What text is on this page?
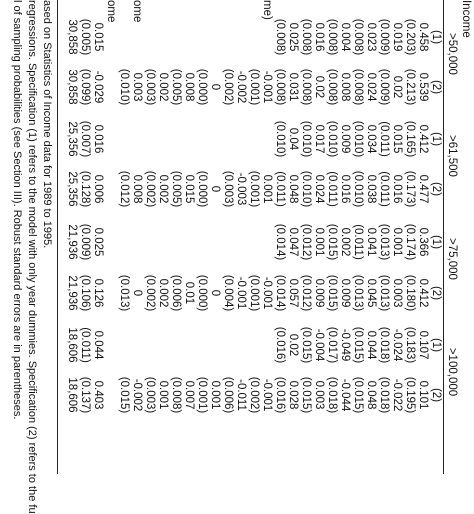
Income
>50,000
>61,500
>75,000
>100,000
(1)
(2)
(1)
(2)
(1)
(2)
(1)
(2)
0.458
0.539
0.412
0.477
0.366
0.412
0.107
0.101
(0.203)
(0.213)
(0.165)
(0.173)
(0.174)
(0.180)
(0.183)
(0.195)
0.019
0.02
0.015
0.016
0.001
0.003
-0.024
-0.022
(0.009)
(0.009)
(0.011)
(0.011)
(0.013)
(0.013)
(0.018)
(0.018)
0.023
0.024
0.034
0.038
0.041
0.045
0.044
0.048
(0.008)
(0.008)
(0.010)
(0.010)
(0.011)
(0.013)
(0.015)
(0.015)
0.004
0.008
0.009
0.016
0.002
0.009
-0.049
-0.044
(0.008)
(0.008)
(0.010)
(0.011)
(0.015)
(0.015)
(0.017)
(0.018)
0.016
0.02
0.017
0.024
0.001
0.009
-0.004
0.003
(0.008)
(0.008)
(0.010)
(0.010)
(0.012)
(0.012)
(0.015)
(0.015)
0.025
0.031
0.04
0.048
0.047
0.057
0.02
0.028
(0.008)
(0.008)
(0.010)
(0.011)
(0.014)
(0.014)
(0.016)
(0.016)
me)
-0.001
0.001
-0.001
-0.001
(0.001)
(0.001)
(0.001)
(0.002)
-0.002
-0.003
-0.001
-0.011
(0.002)
(0.003)
(0.004)
(0.006)
0
0
0
0.001
(0.000)
(0.000)
(0.000)
(0.001)
0.008
0.015
0.01
0.007
(0.005)
(0.005)
(0.006)
(0.008)
0.002
0.002
0.002
0.001
(0.003)
(0.002)
(0.002)
(0.003)
ome
0.003
0.008
0
-0.002
(0.010)
(0.012)
(0.013)
(0.015)
ome
0.015
-0.029
0.016
0.006
0.025
0.126
0.044
0.403
(0.005)
(0.099)
(0.007)
(0.128)
(0.009)
(0.106)
(0.011)
(0.137)
30,858
30,858
25,356
25,356
21,936
21,936
18,606
18,606
ased on Statistics of Income data for 1989 to 1995.
regressions. Specification (1) refers to the model with only year dummies. Specification (2) refers to the fu
l of sampling probabilities (see Section III). Robust standard errors are in parentheses.
